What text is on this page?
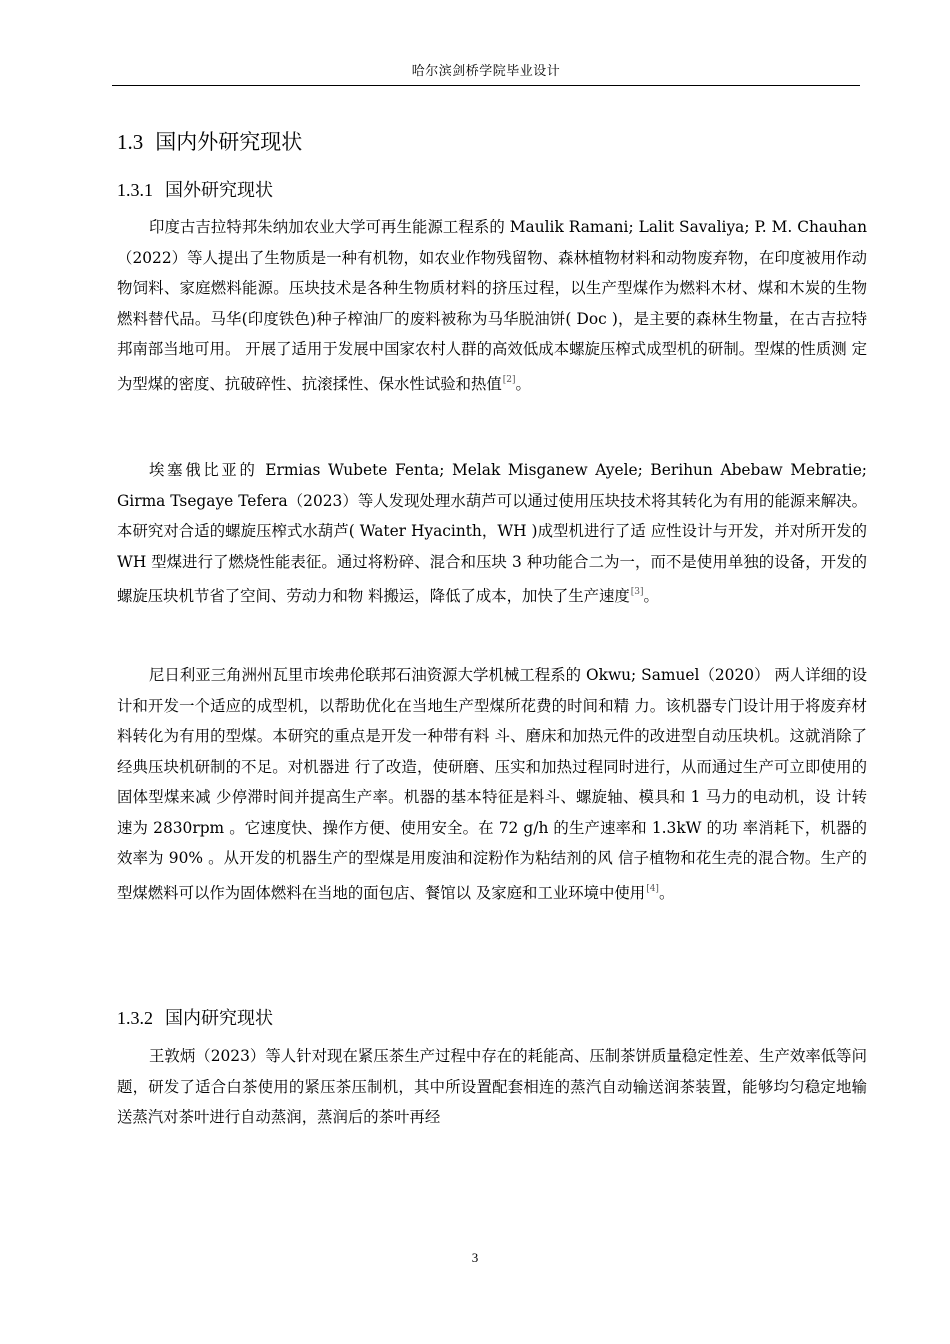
哈尔滨剑桥学院毕业设计
1.3 国内外研究现状
1.3.1 国外研究现状

印度古吉拉特邦朱纳加农业大学可再生能源工程系的 Maulik Ramani; Lalit Savaliya; P. M. Chauhan（2022）等人提出了生物质是一种有机物，如农业作物残留物、森林植物材料和动物废弃物，在印度被用作动物饲料、家庭燃料能源。压块技术是各种生物质材料的挤压过程，以生产型煤作为燃料木材、煤和木炭的生物燃料替代品。马华(印度铁色)种子榨油厂的废料被称为马华脱油饼( Doc )，是主要的森林生物量，在古吉拉特邦南部当地可用。 开展了适用于发展中国家农村人群的高效低成本螺旋压榨式成型机的研制。型煤的性质测 定为型煤的密度、抗破碎性、抗滚揉性、保水性试验和热值[2]。

埃塞俄比亚的 Ermias Wubete Fenta; Melak Misganew Ayele; Berihun Abebaw Mebratie; Girma Tsegaye Tefera（2023）等人发现处理水葫芦可以通过使用压块技术将其转化为有用的能源来解决。本研究对合适的螺旋压榨式水葫芦( Water Hyacinth，WH )成型机进行了适 应性设计与开发，并对所开发的 WH 型煤进行了燃烧性能表征。通过将粉碎、混合和压块 3 种功能合二为一，而不是使用单独的设备，开发的螺旋压块机节省了空间、劳动力和物 料搬运，降低了成本，加快了生产速度[3]。

尼日利亚三角洲州瓦里市埃弗伦联邦石油资源大学机械工程系的 Okwu; Samuel（2020） 两人详细的设计和开发一个适应的成型机，以帮助优化在当地生产型煤所花费的时间和精 力。该机器专门设计用于将废弃材料转化为有用的型煤。本研究的重点是开发一种带有料 斗、磨床和加热元件的改进型自动压块机。这就消除了经典压块机研制的不足。对机器进 行了改造，使研磨、压实和加热过程同时进行，从而通过生产可立即使用的固体型煤来减 少停滞时间并提高生产率。机器的基本特征是料斗、螺旋轴、模具和 1 马力的电动机，设 计转速为 2830rpm 。它速度快、操作方便、使用安全。在 72 g/h 的生产速率和 1.3kW 的功 率消耗下，机器的效率为 90% 。从开发的机器生产的型煤是用废油和淀粉作为粘结剂的风 信子植物和花生壳的混合物。生产的型煤燃料可以作为固体燃料在当地的面包店、餐馆以 及家庭和工业环境中使用[4]。

1.3.2 国内研究现状

王敦炳（2023）等人针对现在紧压茶生产过程中存在的耗能高、压制茶饼质量稳定性差、生产效率低等问题，研发了适合白茶使用的紧压茶压制机，其中所设置配套相连的蒸汽自动输送润茶装置，能够均匀稳定地输送蒸汽对茶叶进行自动蒸润，蒸润后的茶叶再经

3
